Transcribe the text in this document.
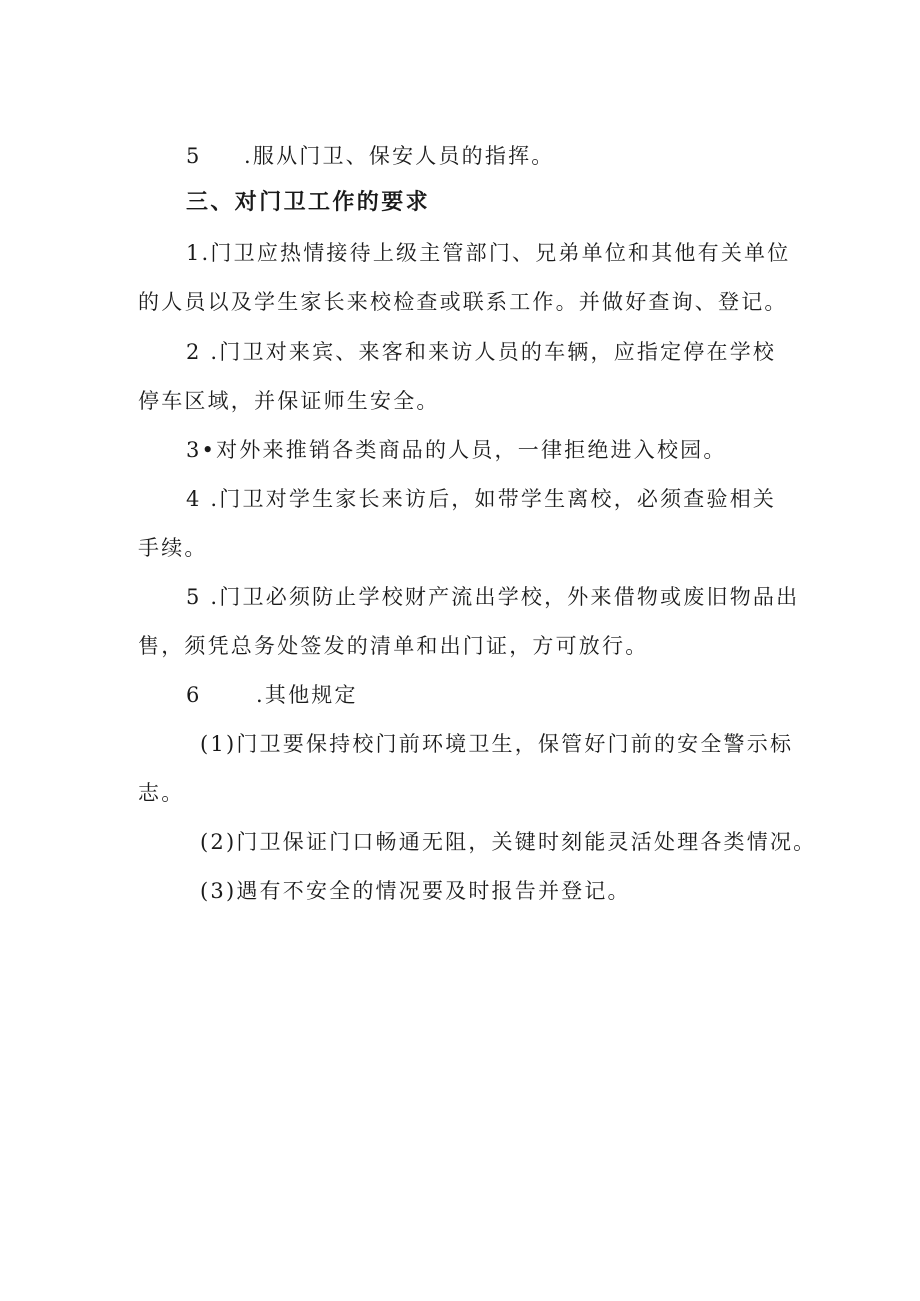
5 .服从门卫、保安人员的指挥。
三、对门卫工作的要求
1.门卫应热情接待上级主管部门、兄弟单位和其他有关单位
的人员以及学生家长来校检查或联系工作。并做好查询、登记。
2 .门卫对来宾、来客和来访人员的车辆，应指定停在学校
停车区域，并保证师生安全。
3•对外来推销各类商品的人员，一律拒绝进入校园。
4 .门卫对学生家长来访后，如带学生离校，必须查验相关
手续。
5 .门卫必须防止学校财产流出学校，外来借物或废旧物品出
售，须凭总务处签发的清单和出门证，方可放行。
6	.其他规定
(1)门卫要保持校门前环境卫生，保管好门前的安全警示标
志。
(2)门卫保证门口畅通无阻，关键时刻能灵活处理各类情况。
(3)遇有不安全的情况要及时报告并登记。
